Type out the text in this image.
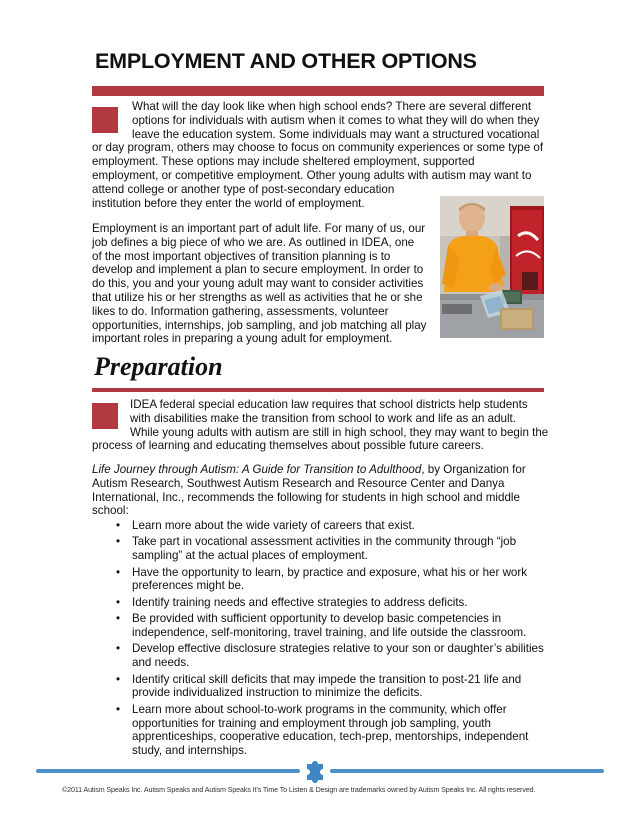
EMPLOYMENT AND OTHER OPTIONS
What will the day look like when high school ends? There are several different
options for individuals with autism when it comes to what they will do when they
leave the education system. Some individuals may want a structured vocational
or day program, others may choose to focus on community experiences or some type of
employment. These options may include sheltered employment, supported
employment, or competitive employment. Other young adults with autism may want to
attend college or another type of post-secondary education
institution before they enter the world of employment.
Employment is an important part of adult life. For many of us, our
job defines a big piece of who we are. As outlined in IDEA, one
of the most important objectives of transition planning is to
develop and implement a plan to secure employment. In order to
do this, you and your young adult may want to consider activities
that utilize his or her strengths as well as activities that he or she
likes to do. Information gathering, assessments, volunteer
opportunities, internships, job sampling, and job matching all play
important roles in preparing a young adult for employment.
Preparation
IDEA federal special education law requires that school districts help students
with disabilities make the transition from school to work and life as an adult.
While young adults with autism are still in high school, they may want to begin the
process of learning and educating themselves about possible future careers.
Life Journey through Autism: A Guide for Transition to Adulthood, by Organization for
Autism Research, Southwest Autism Research and Resource Center and Danya
International, Inc., recommends the following for students in high school and middle
school:
• Learn more about the wide variety of careers that exist.
• Take part in vocational assessment activities in the community through “job
sampling” at the actual places of employment.
• Have the opportunity to learn, by practice and exposure, what his or her work
preferences might be.
• Identify training needs and effective strategies to address deficits.
• Be provided with sufficient opportunity to develop basic competencies in
independence, self-monitoring, travel training, and life outside the classroom.
• Develop effective disclosure strategies relative to your son or daughter’s abilities
and needs.
• Identify critical skill deficits that may impede the transition to post-21 life and
provide individualized instruction to minimize the deficits.
• Learn more about school-to-work programs in the community, which offer
opportunities for training and employment through job sampling, youth
apprenticeships, cooperative education, tech-prep, mentorships, independent
study, and internships.
©2011 Autism Speaks Inc. Autism Speaks and Autism Speaks It’s Time To Listen & Design are trademarks owned by Autism Speaks Inc. All rights reserved.
